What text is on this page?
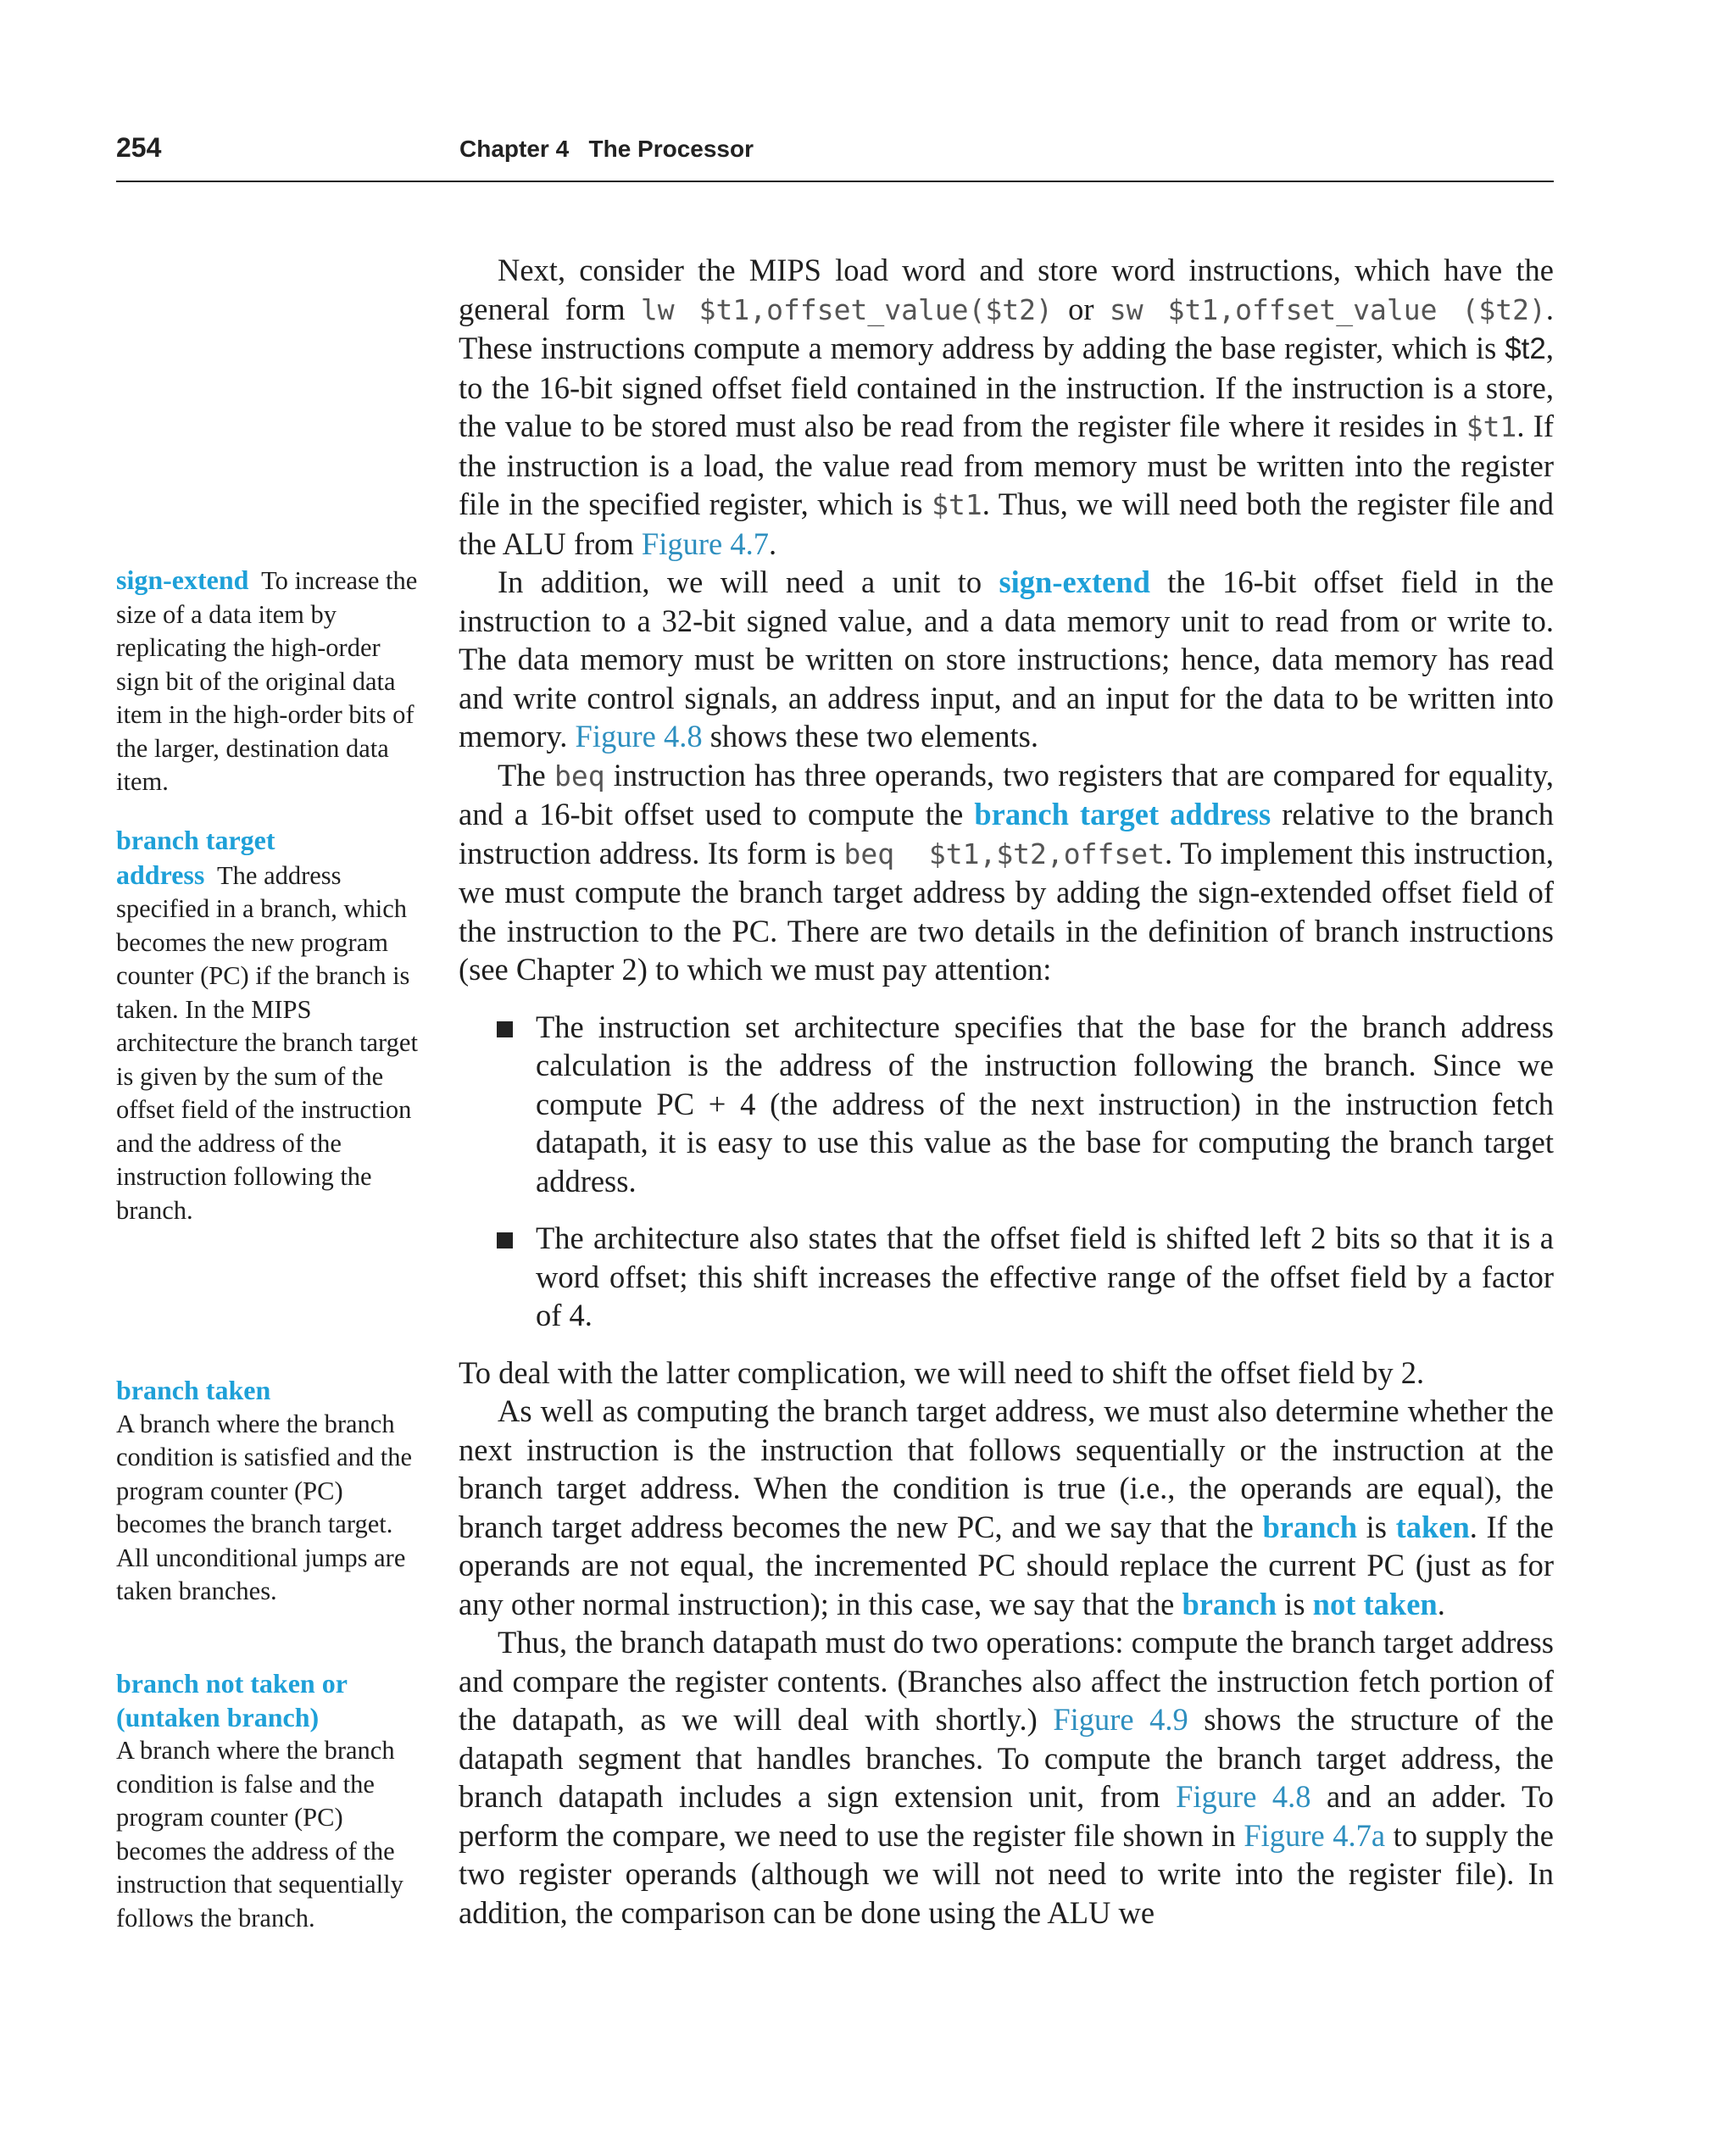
254	Chapter 4   The Processor

Next, consider the MIPS load word and store word instructions, which have the general form lw $t1,offset_value($t2) or sw $t1,offset_value ($t2). These instructions compute a memory address by adding the base register, which is $t2, to the 16-bit signed offset field contained in the instruction. If the instruction is a store, the value to be stored must also be read from the register file where it resides in $t1. If the instruction is a load, the value read from memory must be written into the register file in the specified register, which is $t1. Thus, we will need both the register file and the ALU from Figure 4.7.

In addition, we will need a unit to sign-extend the 16-bit offset field in the instruction to a 32-bit signed value, and a data memory unit to read from or write to. The data memory must be written on store instructions; hence, data memory has read and write control signals, an address input, and an input for the data to be written into memory. Figure 4.8 shows these two elements.

The beq instruction has three operands, two registers that are compared for equality, and a 16-bit offset used to compute the branch target address relative to the branch instruction address. Its form is beq  $t1,$t2,offset. To implement this instruction, we must compute the branch target address by adding the sign-extended offset field of the instruction to the PC. There are two details in the definition of branch instructions (see Chapter 2) to which we must pay attention:

The instruction set architecture specifies that the base for the branch address calculation is the address of the instruction following the branch. Since we compute PC + 4 (the address of the next instruction) in the instruction fetch datapath, it is easy to use this value as the base for computing the branch target address.
The architecture also states that the offset field is shifted left 2 bits so that it is a word offset; this shift increases the effective range of the offset field by a factor of 4.

To deal with the latter complication, we will need to shift the offset field by 2.

As well as computing the branch target address, we must also determine whether the next instruction is the instruction that follows sequentially or the instruction at the branch target address. When the condition is true (i.e., the operands are equal), the branch target address becomes the new PC, and we say that the branch is taken. If the operands are not equal, the incremented PC should replace the current PC (just as for any other normal instruction); in this case, we say that the branch is not taken.

Thus, the branch datapath must do two operations: compute the branch target address and compare the register contents. (Branches also affect the instruction fetch portion of the datapath, as we will deal with shortly.) Figure 4.9 shows the structure of the datapath segment that handles branches. To compute the branch target address, the branch datapath includes a sign extension unit, from Figure 4.8 and an adder. To perform the compare, we need to use the register file shown in Figure 4.7a to supply the two register operands (although we will not need to write into the register file). In addition, the comparison can be done using the ALU we

sign-extend To increase the size of a data item by replicating the high-order sign bit of the original data item in the high-order bits of the larger, destination data item.
branch target
address The address specified in a branch, which becomes the new program counter (PC) if the branch is taken. In the MIPS architecture the branch target is given by the sum of the offset field of the instruction and the address of the instruction following the branch.
branch taken
A branch where the branch condition is satisfied and the program counter (PC) becomes the branch target. All unconditional jumps are taken branches.
branch not taken or
(untaken branch)
A branch where the branch condition is false and the program counter (PC) becomes the address of the instruction that sequentially follows the branch.
